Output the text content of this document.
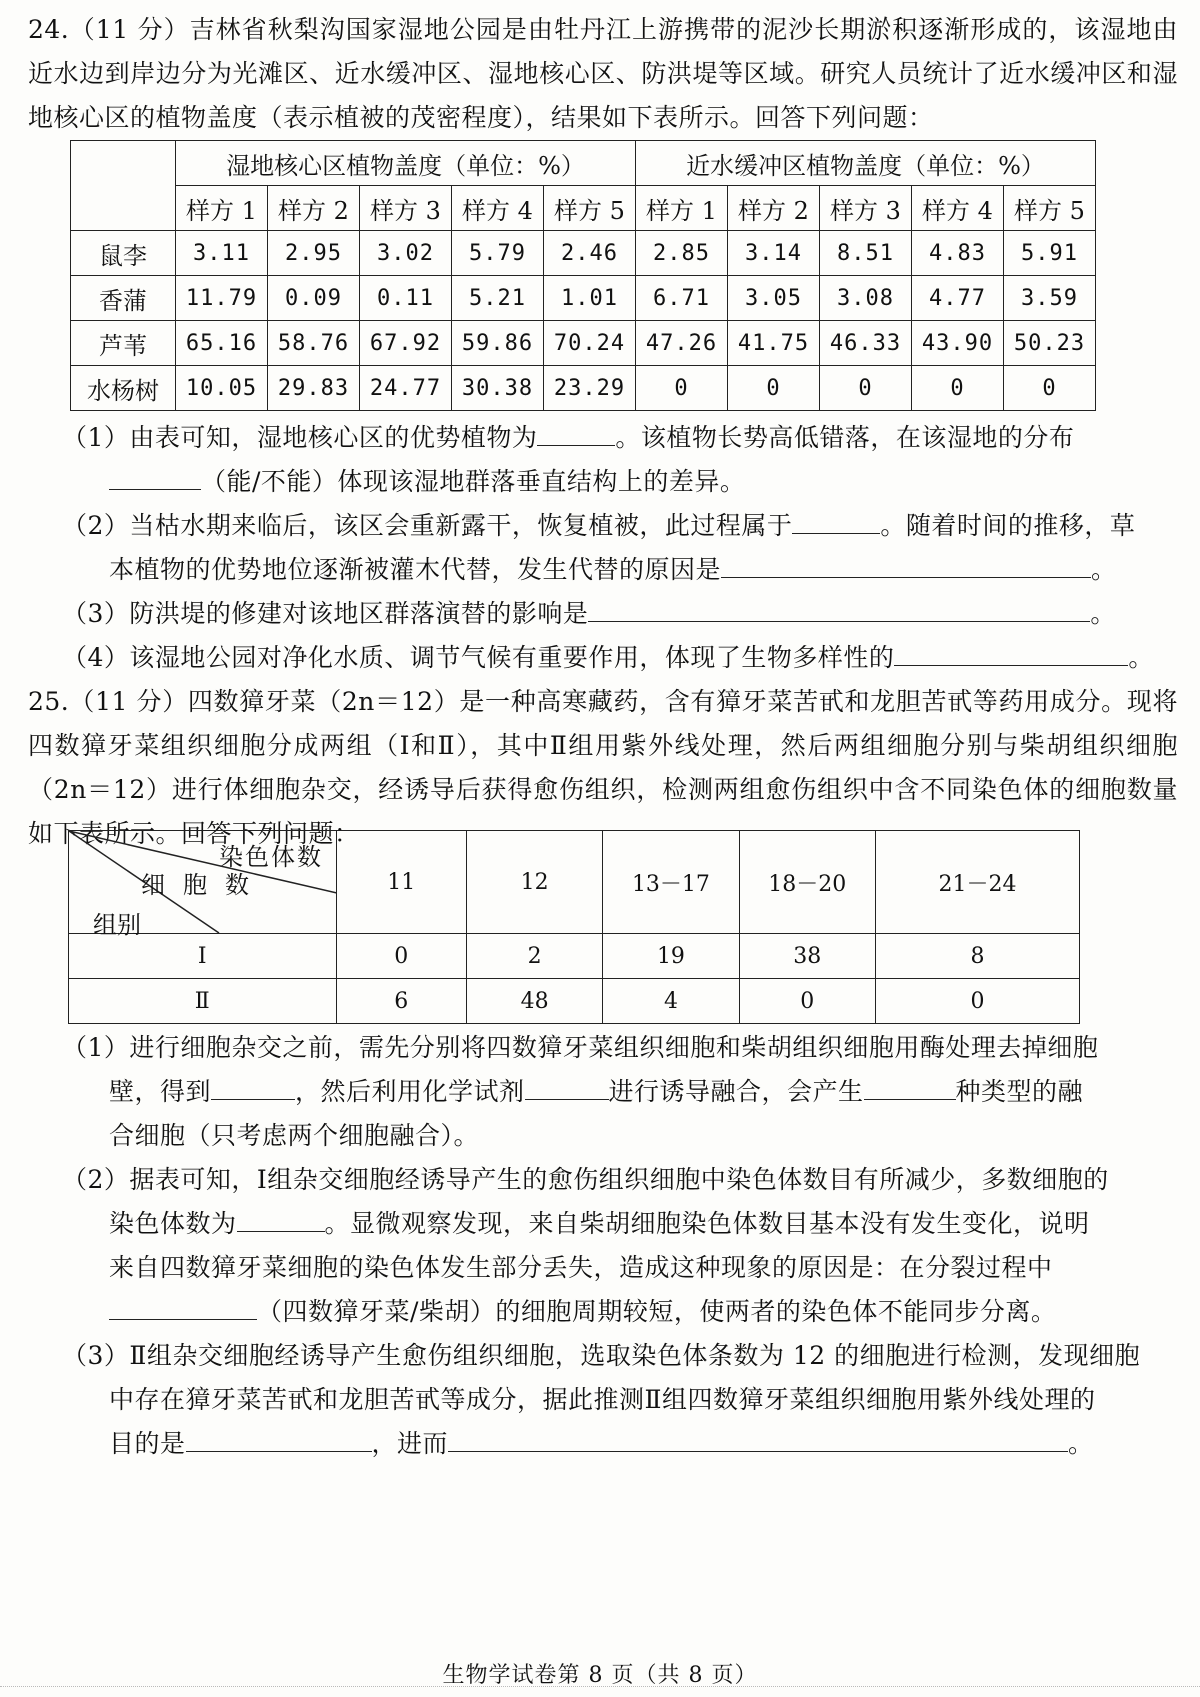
24.（11 分）吉林省秋梨沟国家湿地公园是由牡丹江上游携带的泥沙长期淤积逐渐形成的，该湿地由近水边到岸边分为光滩区、近水缓冲区、湿地核心区、防洪堤等区域。研究人员统计了近水缓冲区和湿地核心区的植物盖度（表示植被的茂密程度），结果如下表所示。回答下列问题：
	湿地核心区植物盖度（单位：%）					近水缓冲区植物盖度（单位：%）				
	样方 1	样方 2	样方 3	样方 4	样方 5	样方 1	样方 2	样方 3	样方 4	样方 5
鼠李	3.11	2.95	3.02	5.79	2.46	2.85	3.14	8.51	4.83	5.91
香蒲	11.79	0.09	0.11	5.21	1.01	6.71	3.05	3.08	4.77	3.59
芦苇	65.16	58.76	67.92	59.86	70.24	47.26	41.75	46.33	43.90	50.23
水杨树	10.05	29.83	24.77	30.38	23.29	0	0	0	0	0
（1）由表可知，湿地核心区的优势植物为	。该植物长势高低错落，在该湿地的分布
（能/不能）体现该湿地群落垂直结构上的差异。
（2）当枯水期来临后，该区会重新露干，恢复植被，此过程属于	。随着时间的推移，草
本植物的优势地位逐渐被灌木代替，发生代替的原因是	。
（3）防洪堤的修建对该地区群落演替的影响是	。
（4）该湿地公园对净化水质、调节气候有重要作用，体现了生物多样性的	。
25.（11 分）四数獐牙菜（2n＝12）是一种高寒藏药，含有獐牙菜苦甙和龙胆苦甙等药用成分。现将四数獐牙菜组织细胞分成两组（Ⅰ和Ⅱ），其中Ⅱ组用紫外线处理，然后两组细胞分别与柴胡组织细胞（2n＝12）进行体细胞杂交，经诱导后获得愈伤组织，检测两组愈伤组织中含不同染色体的细胞数量如下表所示。回答下列问题：
染色体数
细胞数
组别	11	12	13－17	18－20	21－24
Ⅰ	0	2	19	38	8
Ⅱ	6	48	4	0	0
（1）进行细胞杂交之前，需先分别将四数獐牙菜组织细胞和柴胡组织细胞用酶处理去掉细胞
壁，得到	，然后利用化学试剂	进行诱导融合，会产生	种类型的融
合细胞（只考虑两个细胞融合）。
（2）据表可知，Ⅰ组杂交细胞经诱导产生的愈伤组织细胞中染色体数目有所减少，多数细胞的
染色体数为	。显微观察发现，来自柴胡细胞染色体数目基本没有发生变化，说明
来自四数獐牙菜细胞的染色体发生部分丢失，造成这种现象的原因是：在分裂过程中
（四数獐牙菜/柴胡）的细胞周期较短，使两者的染色体不能同步分离。
（3）Ⅱ组杂交细胞经诱导产生愈伤组织细胞，选取染色体条数为 12 的细胞进行检测，发现细胞
中存在獐牙菜苦甙和龙胆苦甙等成分，据此推测Ⅱ组四数獐牙菜组织细胞用紫外线处理的
目的是	，进而	。
生物学试卷第 8 页（共 8 页）
